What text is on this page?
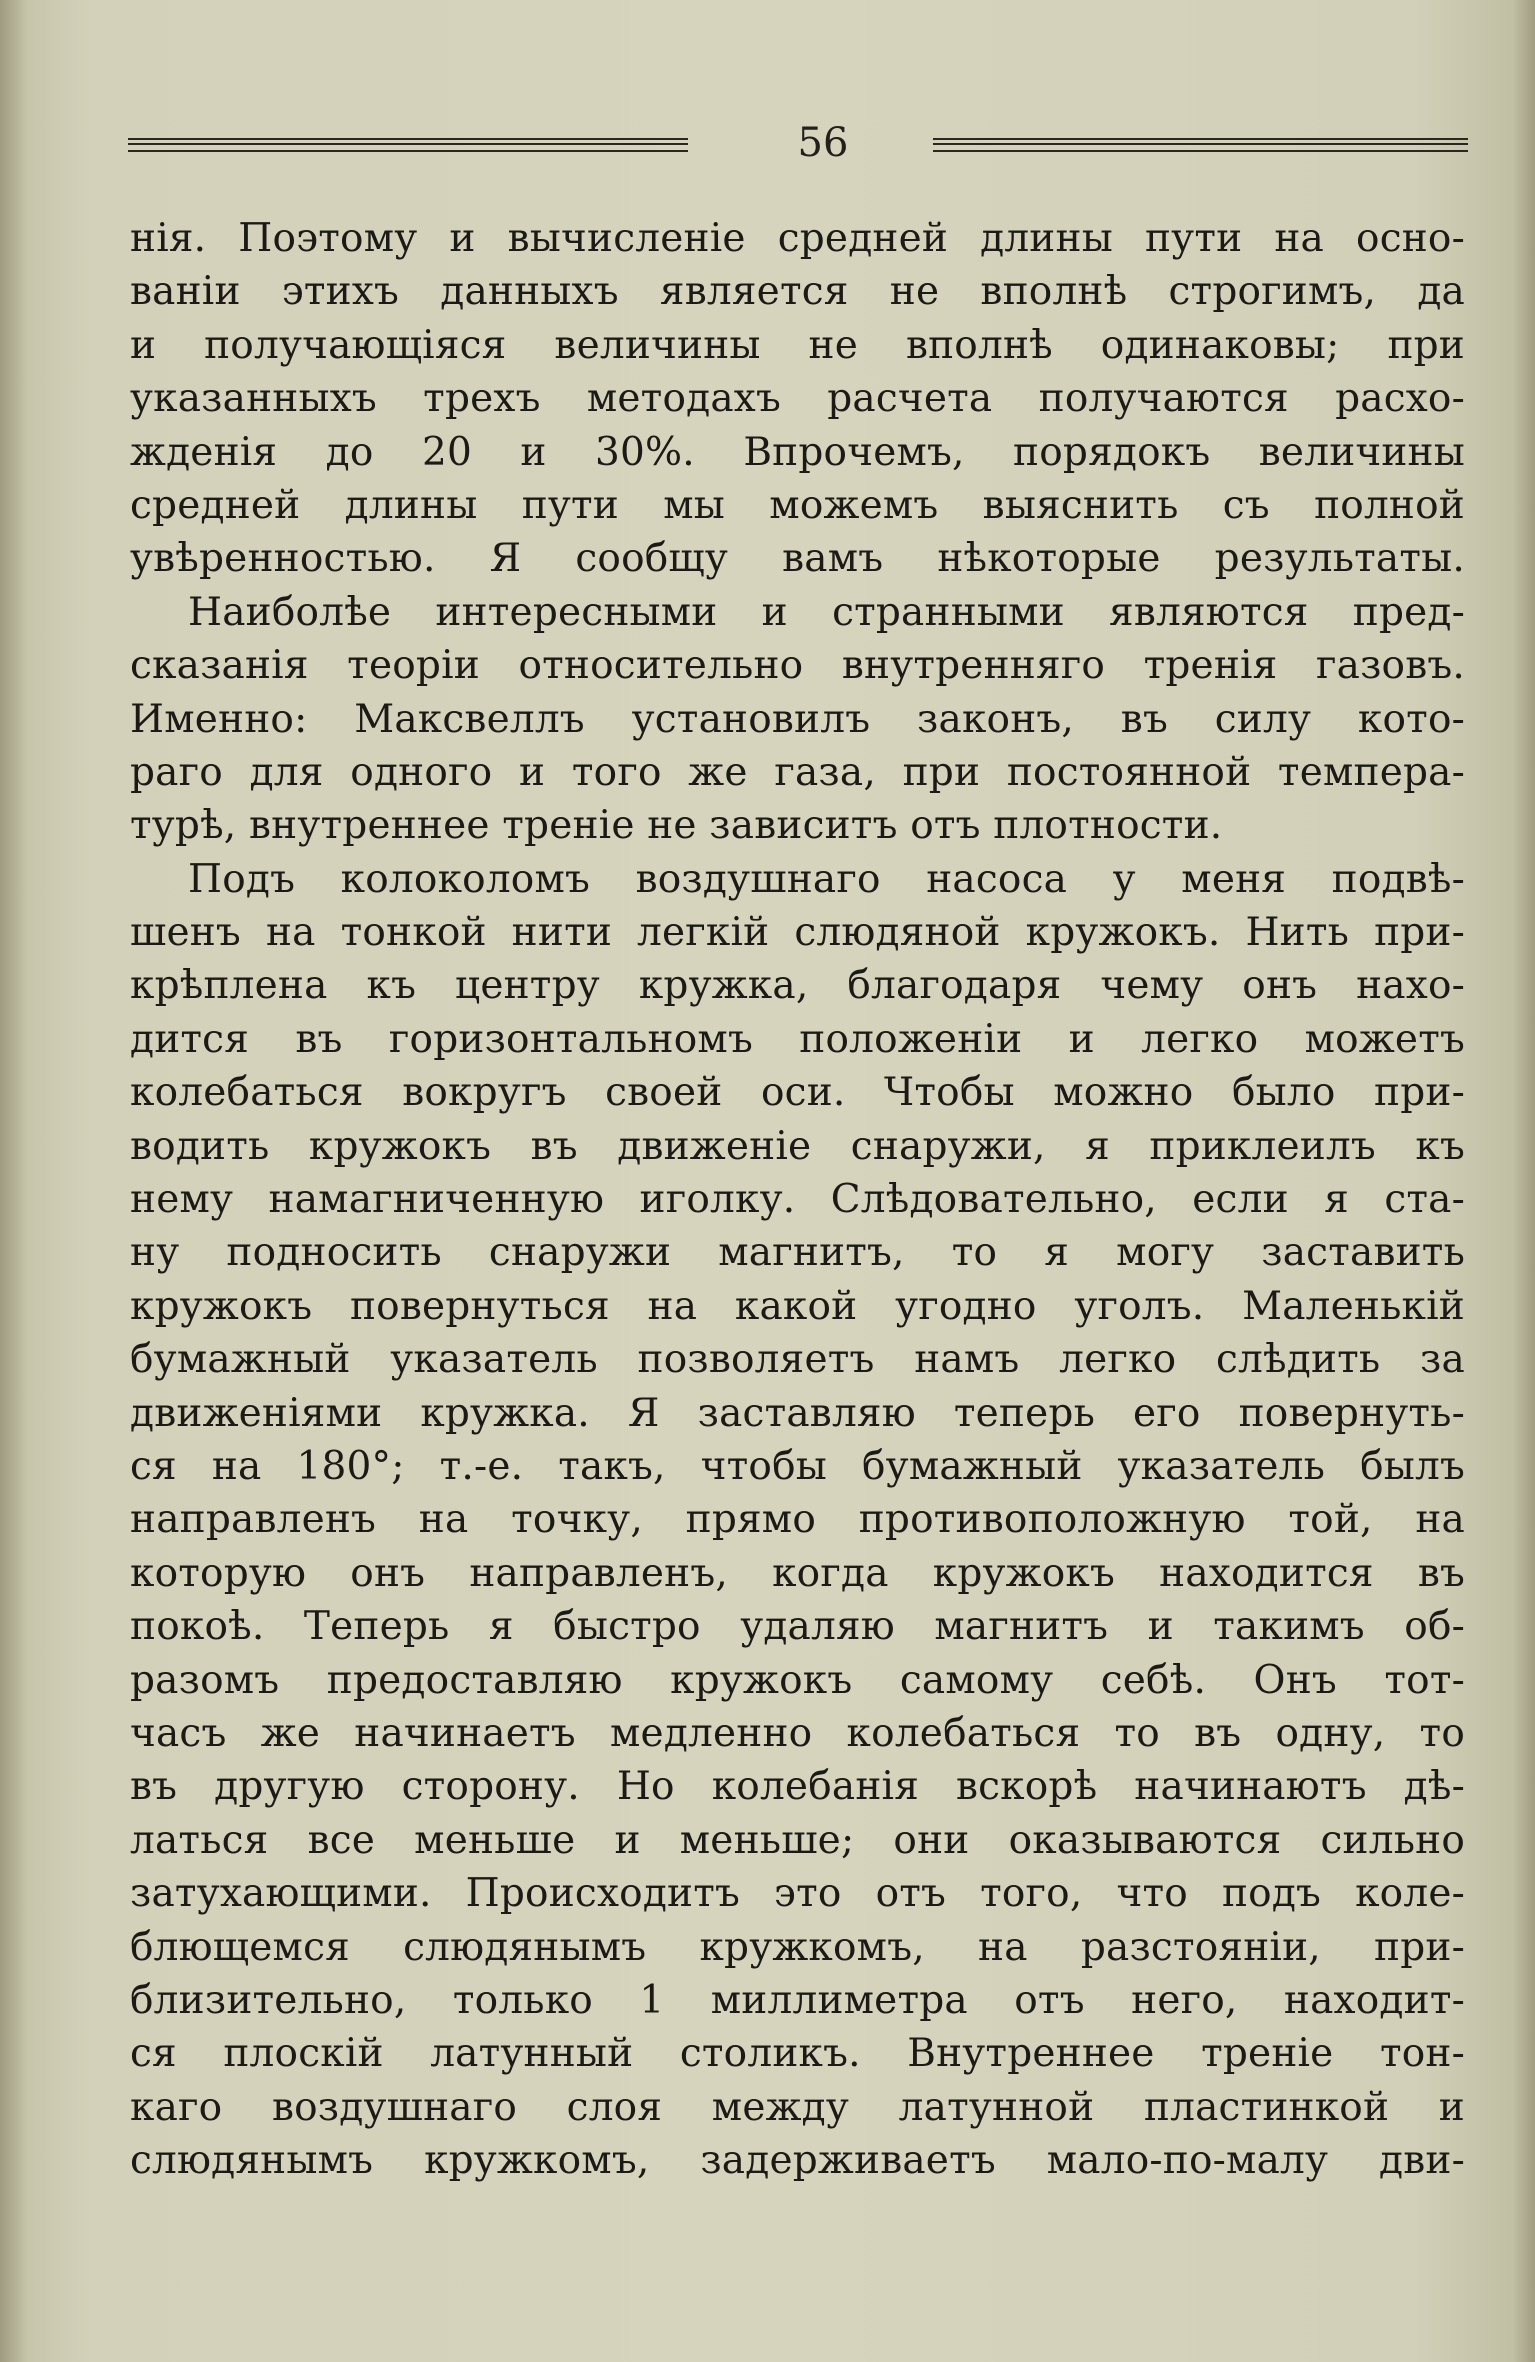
56
нія. Поэтому и вычисленіе средней длины пути на осно-
ваніи этихъ данныхъ является не вполнѣ строгимъ, да
и получающіяся величины не вполнѣ одинаковы; при
указанныхъ трехъ методахъ расчета получаются расхо-
жденія до 20 и 30%. Впрочемъ, порядокъ величины
средней длины пути мы можемъ выяснить съ полной
увѣренностью. Я сообщу вамъ нѣкоторые результаты.
Наиболѣе интересными и странными являются пред-
сказанія теоріи относительно внутренняго тренія газовъ.
Именно: Максвеллъ установилъ законъ, въ силу кото-
раго для одного и того же газа, при постоянной темпера-
турѣ, внутреннее треніе не зависитъ отъ плотности.
Подъ колоколомъ воздушнаго насоса у меня подвѣ-
шенъ на тонкой нити легкій слюдяной кружокъ. Нить при-
крѣплена къ центру кружка, благодаря чему онъ нахо-
дится въ горизонтальномъ положеніи и легко можетъ
колебаться вокругъ своей оси. Чтобы можно было при-
водить кружокъ въ движеніе снаружи, я приклеилъ къ
нему намагниченную иголку. Слѣдовательно, если я ста-
ну подносить снаружи магнитъ, то я могу заставить
кружокъ повернуться на какой угодно уголъ. Маленькій
бумажный указатель позволяетъ намъ легко слѣдить за
движеніями кружка. Я заставляю теперь его повернуть-
ся на 180°; т.-е. такъ, чтобы бумажный указатель былъ
направленъ на точку, прямо противоположную той, на
которую онъ направленъ, когда кружокъ находится въ
покоѣ. Теперь я быстро удаляю магнитъ и такимъ об-
разомъ предоставляю кружокъ самому себѣ. Онъ тот-
часъ же начинаетъ медленно колебаться то въ одну, то
въ другую сторону. Но колебанія вскорѣ начинаютъ дѣ-
латься все меньше и меньше; они оказываются сильно
затухающими. Происходитъ это отъ того, что подъ коле-
блющемся слюдянымъ кружкомъ, на разстояніи, при-
близительно, только 1 миллиметра отъ него, находит-
ся плоскій латунный столикъ. Внутреннее треніе тон-
каго воздушнаго слоя между латунной пластинкой и
слюдянымъ кружкомъ, задерживаетъ мало-по-малу дви-
